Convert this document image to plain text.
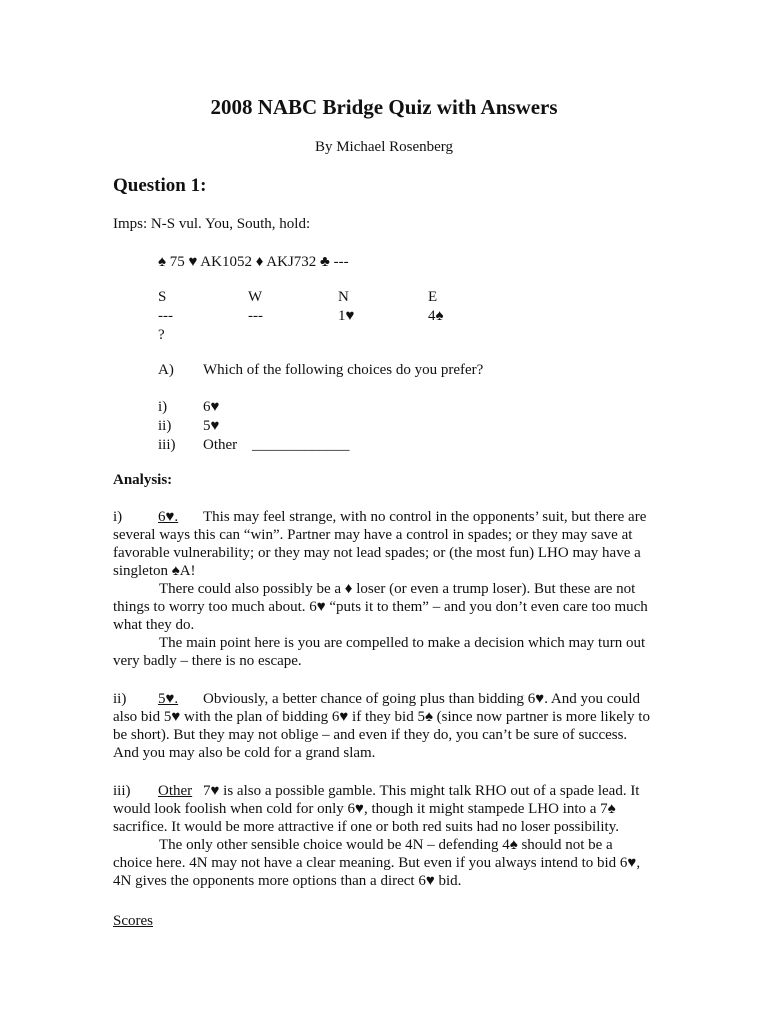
2008 NABC Bridge Quiz with Answers
By Michael Rosenberg
Question 1:
Imps: N-S vul. You, South, hold:
♠ 75 ♥ AK1052 ♦ AKJ732 ♣ ---
S	W	N	E
---	---	1♥	4♠
?
A) Which of the following choices do you prefer?
i) 6♥
ii) 5♥
iii) Other _____________
Analysis:

i) 6♥. This may feel strange, with no control in the opponents’ suit, but there are several ways this can “win”. Partner may have a control in spades; or they may save at favorable vulnerability; or they may not lead spades; or (the most fun) LHO may have a singleton ♠A!

There could also possibly be a ♦ loser (or even a trump loser). But these are not things to worry too much about. 6♥ “puts it to them” – and you don’t even care too much what they do.

The main point here is you are compelled to make a decision which may turn out very badly – there is no escape.

ii) 5♥. Obviously, a better chance of going plus than bidding 6♥. And you could also bid 5♥ with the plan of bidding 6♥ if they bid 5♠ (since now partner is more likely to be short). But they may not oblige – and even if they do, you can’t be sure of success. And you may also be cold for a grand slam.

iii) Other 7♥ is also a possible gamble. This might talk RHO out of a spade lead. It would look foolish when cold for only 6♥, though it might stampede LHO into a 7♠ sacrifice. It would be more attractive if one or both red suits had no loser possibility.

The only other sensible choice would be 4N – defending 4♠ should not be a choice here. 4N may not have a clear meaning. But even if you always intend to bid 6♥, 4N gives the opponents more options than a direct 6♥ bid.

Scores
